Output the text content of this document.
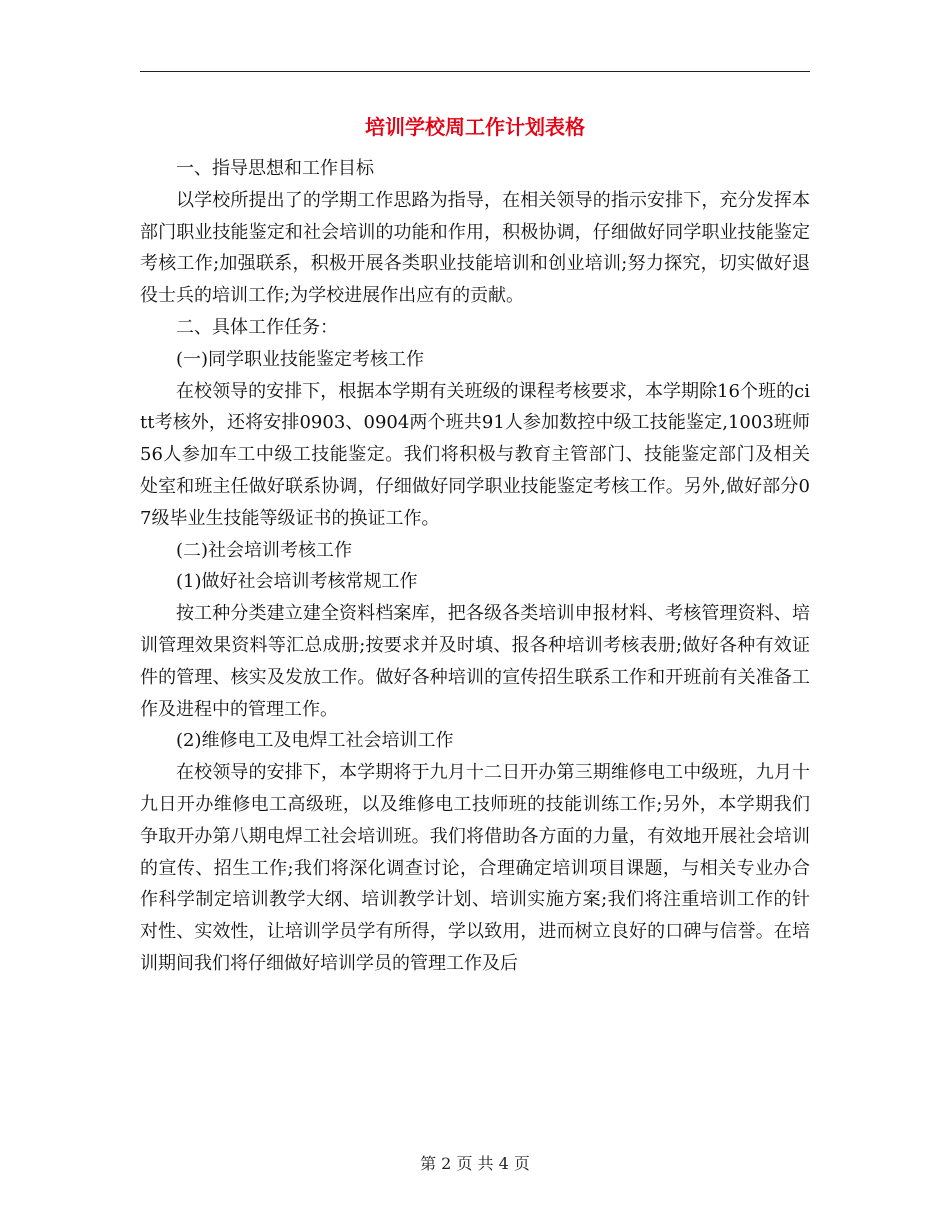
培训学校周工作计划表格

一、指导思想和工作目标

以学校所提出了的学期工作思路为指导，在相关领导的指示安排下，充分发挥本部门职业技能鉴定和社会培训的功能和作用，积极协调，仔细做好同学职业技能鉴定考核工作;加强联系，积极开展各类职业技能培训和创业培训;努力探究，切实做好退役士兵的培训工作;为学校进展作出应有的贡献。

二、具体工作任务：

(一)同学职业技能鉴定考核工作

在校领导的安排下，根据本学期有关班级的课程考核要求，本学期除16个班的citt考核外，还将安排0903、0904两个班共91人参加数控中级工技能鉴定,1003班师56人参加车工中级工技能鉴定。我们将积极与教育主管部门、技能鉴定部门及相关处室和班主任做好联系协调，仔细做好同学职业技能鉴定考核工作。另外,做好部分07级毕业生技能等级证书的换证工作。

(二)社会培训考核工作

(1)做好社会培训考核常规工作

按工种分类建立建全资料档案库，把各级各类培训申报材料、考核管理资料、培训管理效果资料等汇总成册;按要求并及时填、报各种培训考核表册;做好各种有效证件的管理、核实及发放工作。做好各种培训的宣传招生联系工作和开班前有关准备工作及进程中的管理工作。

(2)维修电工及电焊工社会培训工作

在校领导的安排下，本学期将于九月十二日开办第三期维修电工中级班，九月十九日开办维修电工高级班，以及维修电工技师班的技能训练工作;另外，本学期我们争取开办第八期电焊工社会培训班。我们将借助各方面的力量，有效地开展社会培训的宣传、招生工作;我们将深化调查讨论，合理确定培训项目课题，与相关专业办合作科学制定培训教学大纲、培训教学计划、培训实施方案;我们将注重培训工作的针对性、实效性，让培训学员学有所得，学以致用，进而树立良好的口碑与信誉。在培训期间我们将仔细做好培训学员的管理工作及后

第 2 页 共 4 页
